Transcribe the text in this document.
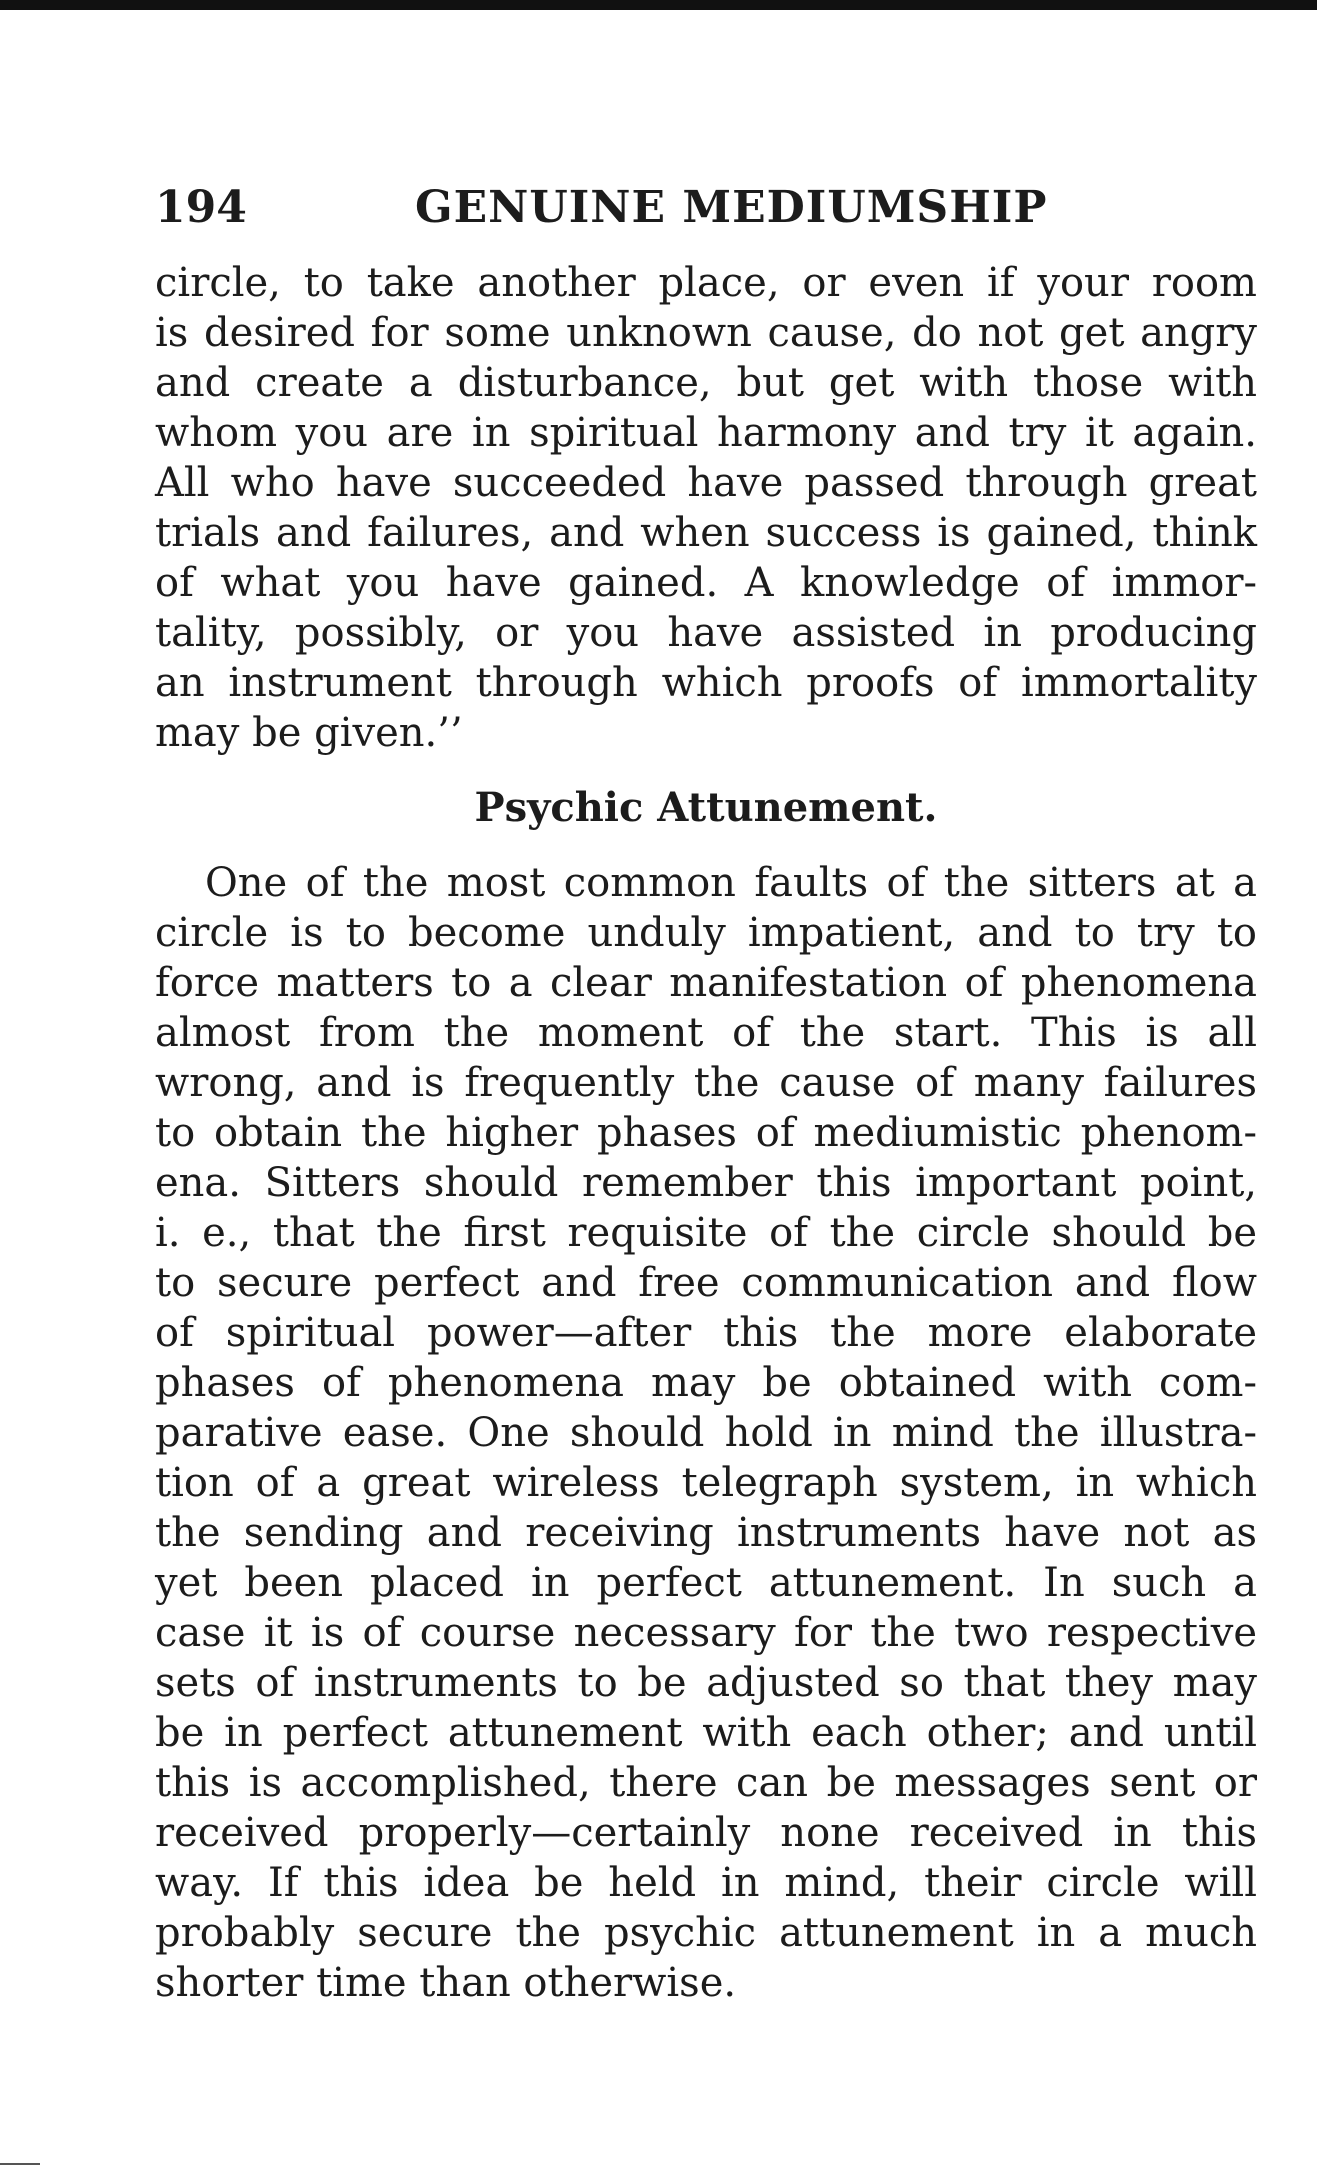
194	GENUINE MEDIUMSHIP
circle, to take another place, or even if your room
is desired for some unknown cause, do not get angry
and create a disturbance, but get with those with
whom you are in spiritual harmony and try it again.
All who have succeeded have passed through great
trials and failures, and when success is gained, think
of what you have gained. A knowledge of immor-
tality, possibly, or you have assisted in producing
an instrument through which proofs of immortality
may be given.’’
Psychic Attunement.
One of the most common faults of the sitters at a
circle is to become unduly impatient, and to try to
force matters to a clear manifestation of phenomena
almost from the moment of the start. This is all
wrong, and is frequently the cause of many failures
to obtain the higher phases of mediumistic phenom-
ena. Sitters should remember this important point,
i. e., that the first requisite of the circle should be
to secure perfect and free communication and flow
of spiritual power—after this the more elaborate
phases of phenomena may be obtained with com-
parative ease. One should hold in mind the illustra-
tion of a great wireless telegraph system, in which
the sending and receiving instruments have not as
yet been placed in perfect attunement. In such a
case it is of course necessary for the two respective
sets of instruments to be adjusted so that they may
be in perfect attunement with each other; and until
this is accomplished, there can be messages sent or
received properly—certainly none received in this
way. If this idea be held in mind, their circle will
probably secure the psychic attunement in a much
shorter time than otherwise.
